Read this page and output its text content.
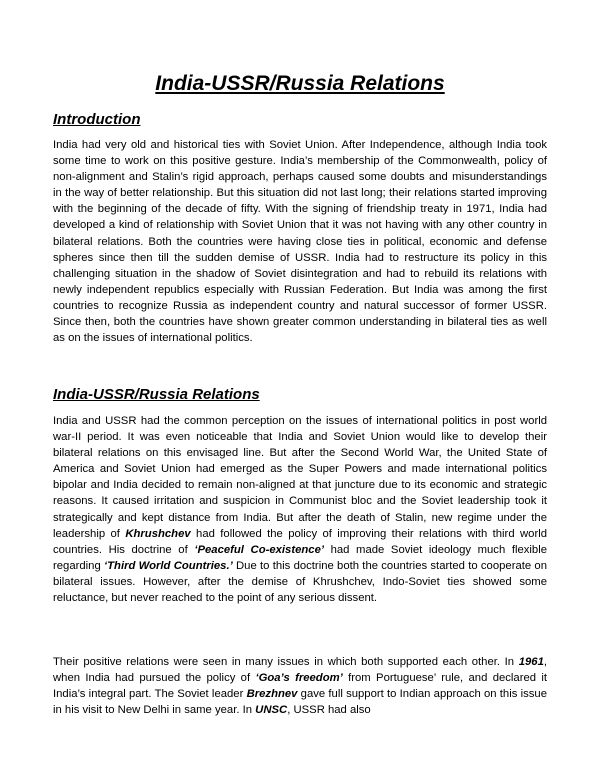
India-USSR/Russia Relations
Introduction
India had very old and historical ties with Soviet Union. After Independence, although India took some time to work on this positive gesture. India’s membership of the Commonwealth, policy of non-alignment and Stalin’s rigid approach, perhaps caused some doubts and misunderstandings in the way of better relationship. But this situation did not last long; their relations started improving with the beginning of the decade of fifty. With the signing of friendship treaty in 1971, India had developed a kind of relationship with Soviet Union that it was not having with any other country in bilateral relations. Both the countries were having close ties in political, economic and defense spheres since then till the sudden demise of USSR. India had to restructure its policy in this challenging situation in the shadow of Soviet disintegration and had to rebuild its relations with newly independent republics especially with Russian Federation. But India was among the first countries to recognize Russia as independent country and natural successor of former USSR. Since then, both the countries have shown greater common understanding in bilateral ties as well as on the issues of international politics.
India-USSR/Russia Relations
India and USSR had the common perception on the issues of international politics in post world war-II period. It was even noticeable that India and Soviet Union would like to develop their bilateral relations on this envisaged line. But after the Second World War, the United State of America and Soviet Union had emerged as the Super Powers and made international politics bipolar and India decided to remain non-aligned at that juncture due to its economic and strategic reasons. It caused irritation and suspicion in Communist bloc and the Soviet leadership took it strategically and kept distance from India. But after the death of Stalin, new regime under the leadership of Khrushchev had followed the policy of improving their relations with third world countries. His doctrine of ‘Peaceful Co-existence’ had made Soviet ideology much flexible regarding ‘Third World Countries.’ Due to this doctrine both the countries started to cooperate on bilateral issues. However, after the demise of Khrushchev, Indo-Soviet ties showed some reluctance, but never reached to the point of any serious dissent.
Their positive relations were seen in many issues in which both supported each other. In 1961, when India had pursued the policy of ‘Goa’s freedom’ from Portuguese’ rule, and declared it India’s integral part. The Soviet leader Brezhnev gave full support to Indian approach on this issue in his visit to New Delhi in same year. In UNSC, USSR had also
